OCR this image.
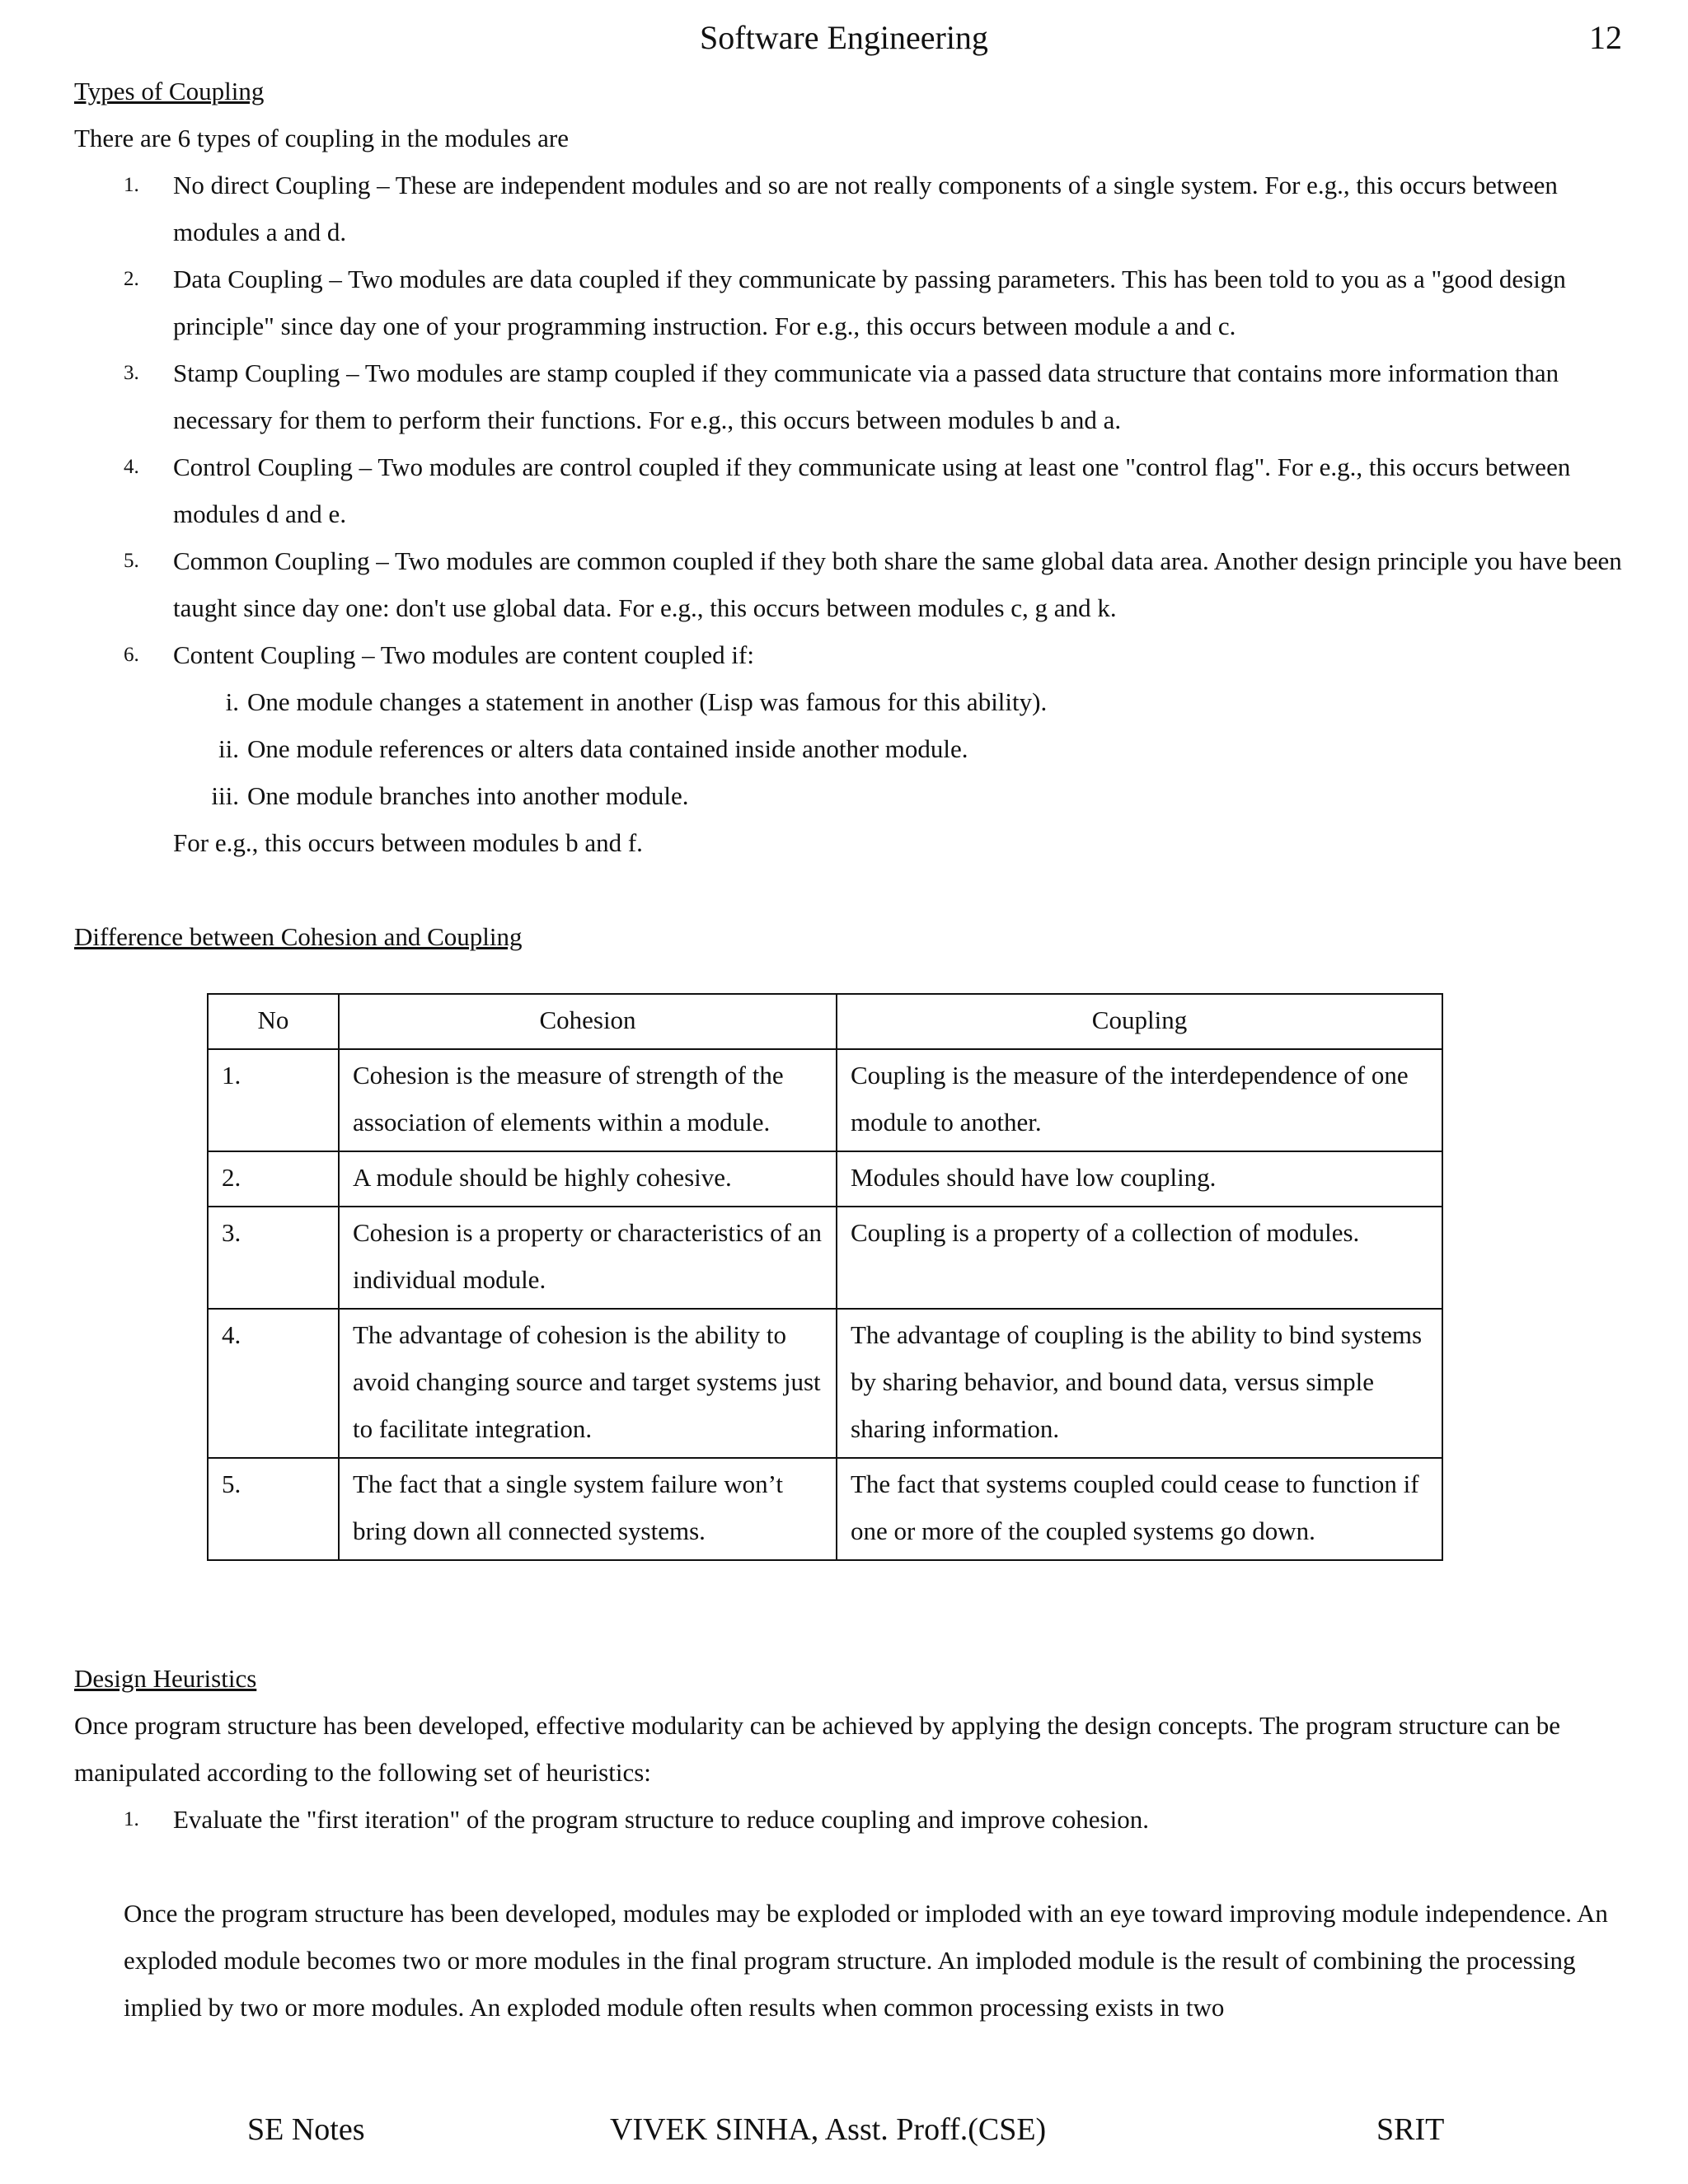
Software Engineering	12

Types of Coupling

There are 6 types of coupling in the modules are

1. No direct Coupling – These are independent modules and so are not really components of a single system. For e.g., this occurs between modules a and d.
2. Data Coupling – Two modules are data coupled if they communicate by passing parameters. This has been told to you as a "good design principle" since day one of your programming instruction. For e.g., this occurs between module a and c.
3. Stamp Coupling – Two modules are stamp coupled if they communicate via a passed data structure that contains more information than necessary for them to perform their functions. For e.g., this occurs between modules b and a.
4. Control Coupling – Two modules are control coupled if they communicate using at least one "control flag". For e.g., this occurs between modules d and e.
5. Common Coupling – Two modules are common coupled if they both share the same global data area. Another design principle you have been taught since day one: don't use global data. For e.g., this occurs between modules c, g and k.
6. Content Coupling – Two modules are content coupled if:
i. One module changes a statement in another (Lisp was famous for this ability).
ii. One module references or alters data contained inside another module.
iii. One module branches into another module.

For e.g., this occurs between modules b and f.

Difference between Cohesion and Coupling

No	Cohesion	Coupling
1.	Cohesion is the measure of strength of the association of elements within a module.	Coupling is the measure of the interdependence of one module to another.
2.	A module should be highly cohesive.	Modules should have low coupling.
3.	Cohesion is a property or characteristics of an individual module.	Coupling is a property of a collection of modules.
4.	The advantage of cohesion is the ability to avoid changing source and target systems just to facilitate integration.	The advantage of coupling is the ability to bind systems by sharing behavior, and bound data, versus simple sharing information.
5.	The fact that a single system failure won’t bring down all connected systems.	The fact that systems coupled could cease to function if one or more of the coupled systems go down.

Design Heuristics

Once program structure has been developed, effective modularity can be achieved by applying the design concepts. The program structure can be manipulated according to the following set of heuristics:

1. Evaluate the "first iteration" of the program structure to reduce coupling and improve cohesion.

Once the program structure has been developed, modules may be exploded or imploded with an eye toward improving module independence. An exploded module becomes two or more modules in the final program structure. An imploded module is the result of combining the processing implied by two or more modules. An exploded module often results when common processing exists in two

SE Notes	VIVEK SINHA, Asst. Proff.(CSE)	SRIT
